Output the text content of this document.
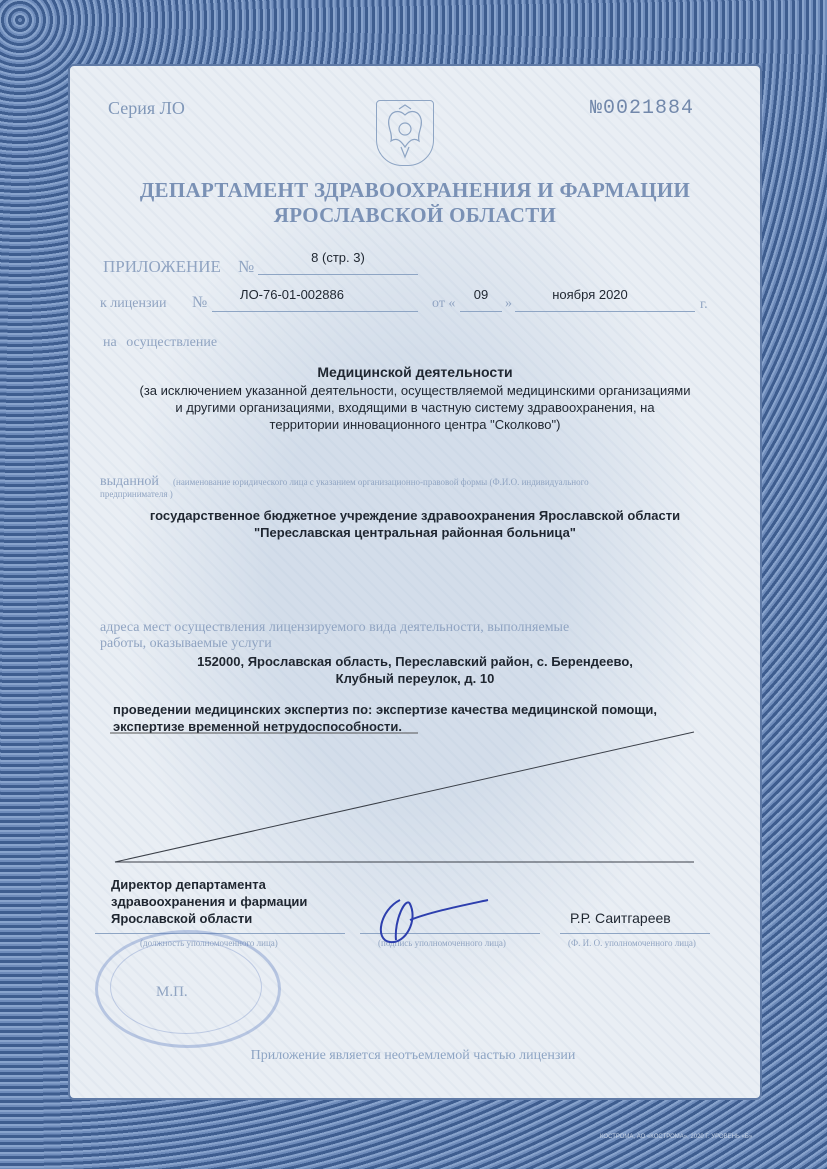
Серия ЛО	№0021884
ДЕПАРТАМЕНТ ЗДРАВООХРАНЕНИЯ И ФАРМАЦИИ
ЯРОСЛАВСКОЙ ОБЛАСТИ
ПРИЛОЖЕНИЕ №	8 (стр. 3)
к лицензии №	ЛО-76-01-002886
от «
09
»
ноября 2020
г.
на осуществление
Медицинской деятельности
(за исключением указанной деятельности, осуществляемой медицинскими организациями
и другими организациями, входящими в частную систему здравоохранения, на
территории инновационного центра "Сколково")
выданной (наименование юридического лица с указанием организационно-правовой формы (Ф.И.О. индивидуального
предпринимателя )
государственное бюджетное учреждение здравоохранения Ярославской области
"Переславская центральная районная больница"
адреса мест осуществления лицензируемого вида деятельности, выполняемые
работы, оказываемые услуги
152000, Ярославская область, Переславский район, с. Берендеево,
Клубный переулок, д. 10
проведении медицинских экспертиз по: экспертизе качества медицинской помощи,
экспертизе временной нетрудоспособности.
Директор департамента
здравоохранения и фармации
Ярославской области	Р.Р. Саитгареев
(должность уполномоченного лица)	(подпись уполномоченного лица)	(Ф. И. О. уполномоченного лица)
М.П.
Приложение является неотъемлемой частью лицензии
КОСТРОМА, АО «КОСТРОМА», 2020 Г. УРОВЕНЬ «Б»
